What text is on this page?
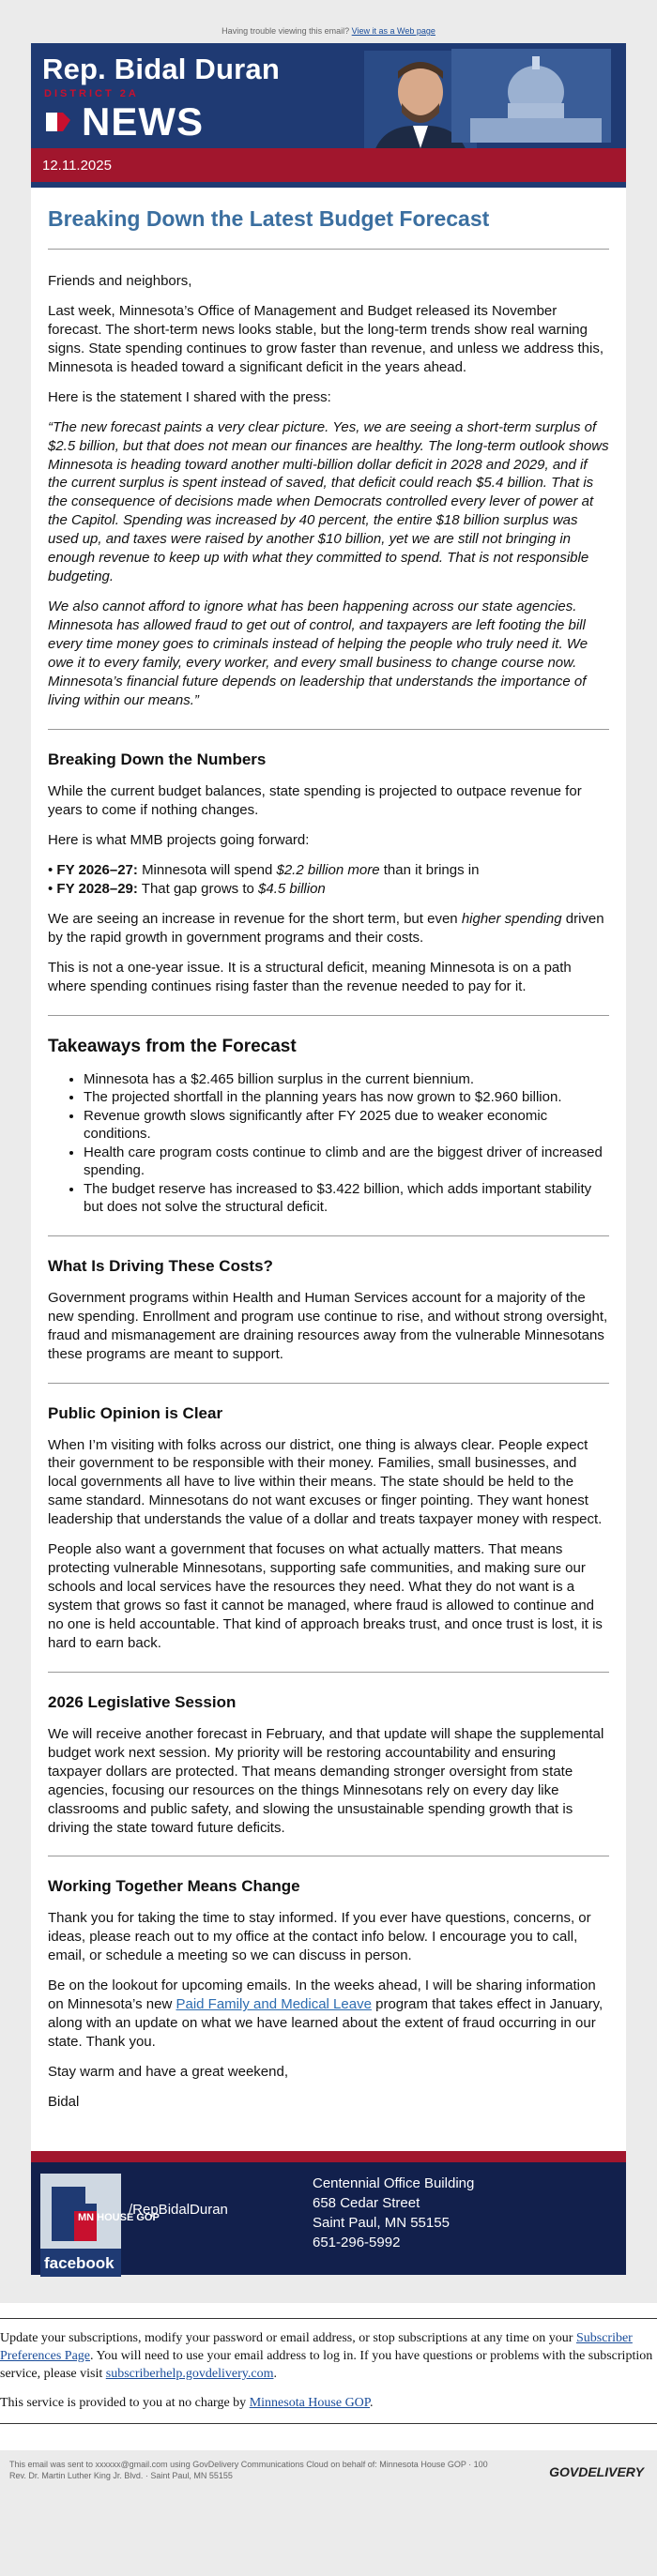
Having trouble viewing this email? View it as a Web page
Rep. Bidal Duran
DISTRICT 2A
NEWS
12.11.2025
Breaking Down the Latest Budget Forecast

Friends and neighbors,

Last week, Minnesota’s Office of Management and Budget released its November forecast. The short-term news looks stable, but the long-term trends show real warning signs. State spending continues to grow faster than revenue, and unless we address this, Minnesota is headed toward a significant deficit in the years ahead.

Here is the statement I shared with the press:

“The new forecast paints a very clear picture. Yes, we are seeing a short-term surplus of $2.5 billion, but that does not mean our finances are healthy. The long-term outlook shows Minnesota is heading toward another multi-billion dollar deficit in 2028 and 2029, and if the current surplus is spent instead of saved, that deficit could reach $5.4 billion. That is the consequence of decisions made when Democrats controlled every lever of power at the Capitol. Spending was increased by 40 percent, the entire $18 billion surplus was used up, and taxes were raised by another $10 billion, yet we are still not bringing in enough revenue to keep up with what they committed to spend. That is not responsible budgeting.

We also cannot afford to ignore what has been happening across our state agencies. Minnesota has allowed fraud to get out of control, and taxpayers are left footing the bill every time money goes to criminals instead of helping the people who truly need it. We owe it to every family, every worker, and every small business to change course now. Minnesota’s financial future depends on leadership that understands the importance of living within our means.”

Breaking Down the Numbers

While the current budget balances, state spending is projected to outpace revenue for years to come if nothing changes.

Here is what MMB projects going forward:

• FY 2026–27: Minnesota will spend $2.2 billion more than it brings in
• FY 2028–29: That gap grows to $4.5 billion

We are seeing an increase in revenue for the short term, but even higher spending driven by the rapid growth in government programs and their costs.

This is not a one-year issue. It is a structural deficit, meaning Minnesota is on a path where spending continues rising faster than the revenue needed to pay for it.

Takeaways from the Forecast
• Minnesota has a $2.465 billion surplus in the current biennium.
• The projected shortfall in the planning years has now grown to $2.960 billion.
• Revenue growth slows significantly after FY 2025 due to weaker economic conditions.
• Health care program costs continue to climb and are the biggest driver of increased spending.
• The budget reserve has increased to $3.422 billion, which adds important stability but does not solve the structural deficit.
What Is Driving These Costs?

Government programs within Health and Human Services account for a majority of the new spending. Enrollment and program use continue to rise, and without strong oversight, fraud and mismanagement are draining resources away from the vulnerable Minnesotans these programs are meant to support.

Public Opinion is Clear

When I’m visiting with folks across our district, one thing is always clear. People expect their government to be responsible with their money. Families, small businesses, and local governments all have to live within their means. The state should be held to the same standard. Minnesotans do not want excuses or finger pointing. They want honest leadership that understands the value of a dollar and treats taxpayer money with respect.

People also want a government that focuses on what actually matters. That means protecting vulnerable Minnesotans, supporting safe communities, and making sure our schools and local services have the resources they need. What they do not want is a system that grows so fast it cannot be managed, where fraud is allowed to continue and no one is held accountable. That kind of approach breaks trust, and once trust is lost, it is hard to earn back.

2026 Legislative Session

We will receive another forecast in February, and that update will shape the supplemental budget work next session. My priority will be restoring accountability and ensuring taxpayer dollars are protected. That means demanding stronger oversight from state agencies, focusing our resources on the things Minnesotans rely on every day like classrooms and public safety, and slowing the unsustainable spending growth that is driving the state toward future deficits.

Working Together Means Change

Thank you for taking the time to stay informed. If you ever have questions, concerns, or ideas, please reach out to my office at the contact info below. I encourage you to call, email, or schedule a meeting so we can discuss in person.

Be on the lookout for upcoming emails. In the weeks ahead, I will be sharing information on Minnesota’s new Paid Family and Medical Leave program that takes effect in January, along with an update on what we have learned about the extent of fraud occurring in our state. Thank you.

Stay warm and have a great weekend,

Bidal

MN HOUSE GOP
facebook
/RepBidalDuran
Centennial Office Building
658 Cedar Street
Saint Paul, MN 55155
651-296-5992

Update your subscriptions, modify your password or email address, or stop subscriptions at any time on your Subscriber Preferences Page. You will need to use your email address to log in. If you have questions or problems with the subscription service, please visit subscriberhelp.govdelivery.com.

This service is provided to you at no charge by Minnesota House GOP.

This email was sent to xxxxxx@gmail.com using GovDelivery Communications Cloud on behalf of: Minnesota House GOP · 100
Rev. Dr. Martin Luther King Jr. Blvd. · Saint Paul, MN 55155	GOVDELIVERY
